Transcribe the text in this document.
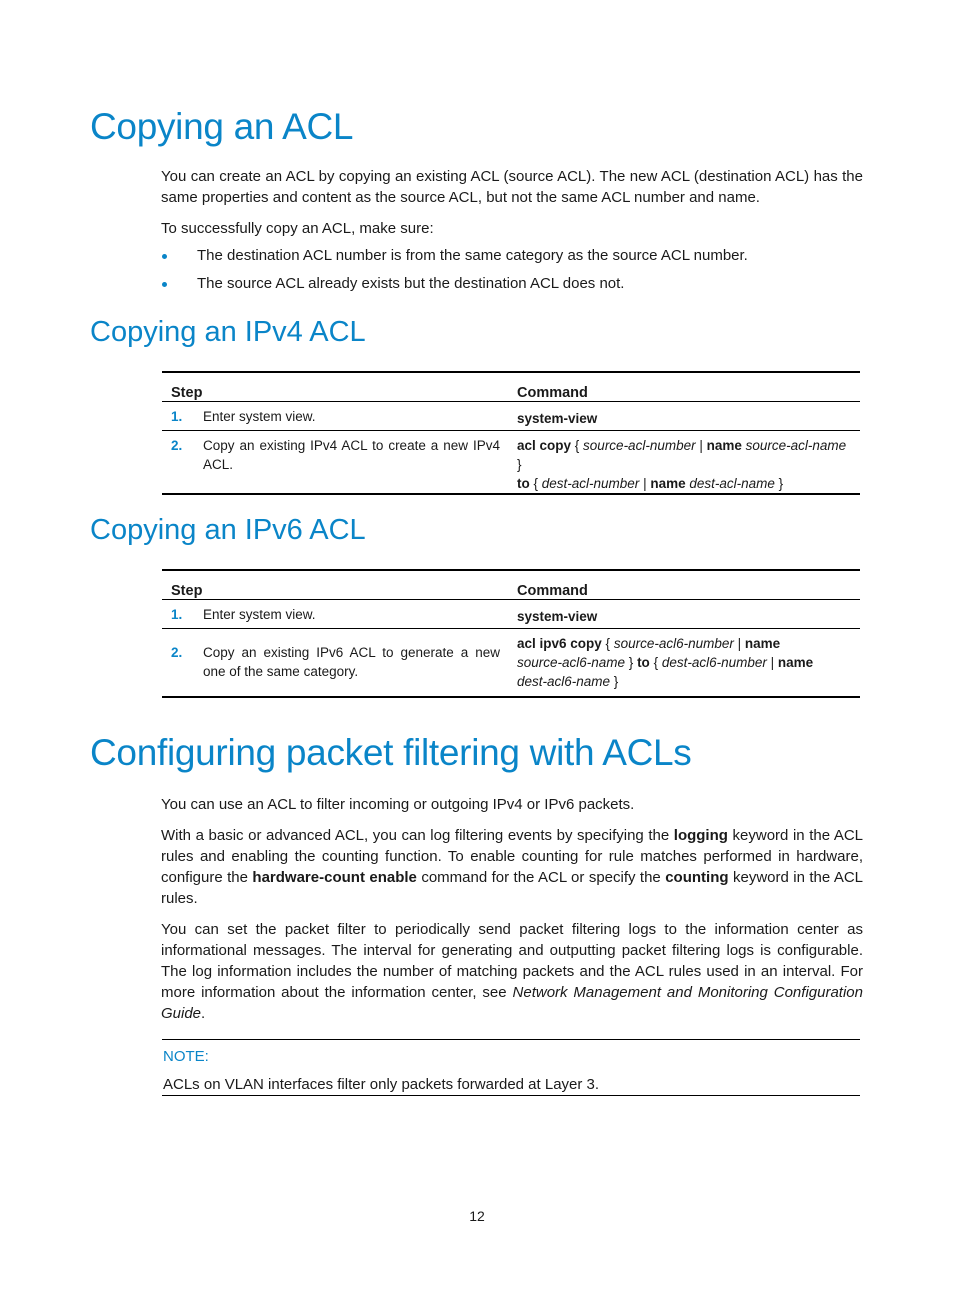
Copying an ACL

You can create an ACL by copying an existing ACL (source ACL). The new ACL (destination ACL) has the same properties and content as the source ACL, but not the same ACL number and name.

To successfully copy an ACL, make sure:

The destination ACL number is from the same category as the source ACL number.
The source ACL already exists but the destination ACL does not.
Copying an IPv4 ACL
Step	Command

1. Enter system view.	system-view

2. Copy an existing IPv4 ACL to create a new IPv4 ACL.	acl copy { source-acl-number | name source-acl-name }
to { dest-acl-number | name dest-acl-name }
Copying an IPv6 ACL
Step	Command

1. Enter system view.	system-view

2. Copy an existing IPv6 ACL to generate a new one of the same category.	acl ipv6 copy { source-acl6-number | name
source-acl6-name } to { dest-acl6-number | name
dest-acl6-name }
Configuring packet filtering with ACLs

You can use an ACL to filter incoming or outgoing IPv4 or IPv6 packets.

With a basic or advanced ACL, you can log filtering events by specifying the logging keyword in the ACL rules and enabling the counting function. To enable counting for rule matches performed in hardware, configure the hardware-count enable command for the ACL or specify the counting keyword in the ACL rules.

You can set the packet filter to periodically send packet filtering logs to the information center as informational messages. The interval for generating and outputting packet filtering logs is configurable. The log information includes the number of matching packets and the ACL rules used in an interval. For more information about the information center, see Network Management and Monitoring Configuration Guide.

NOTE:
ACLs on VLAN interfaces filter only packets forwarded at Layer 3.
12
